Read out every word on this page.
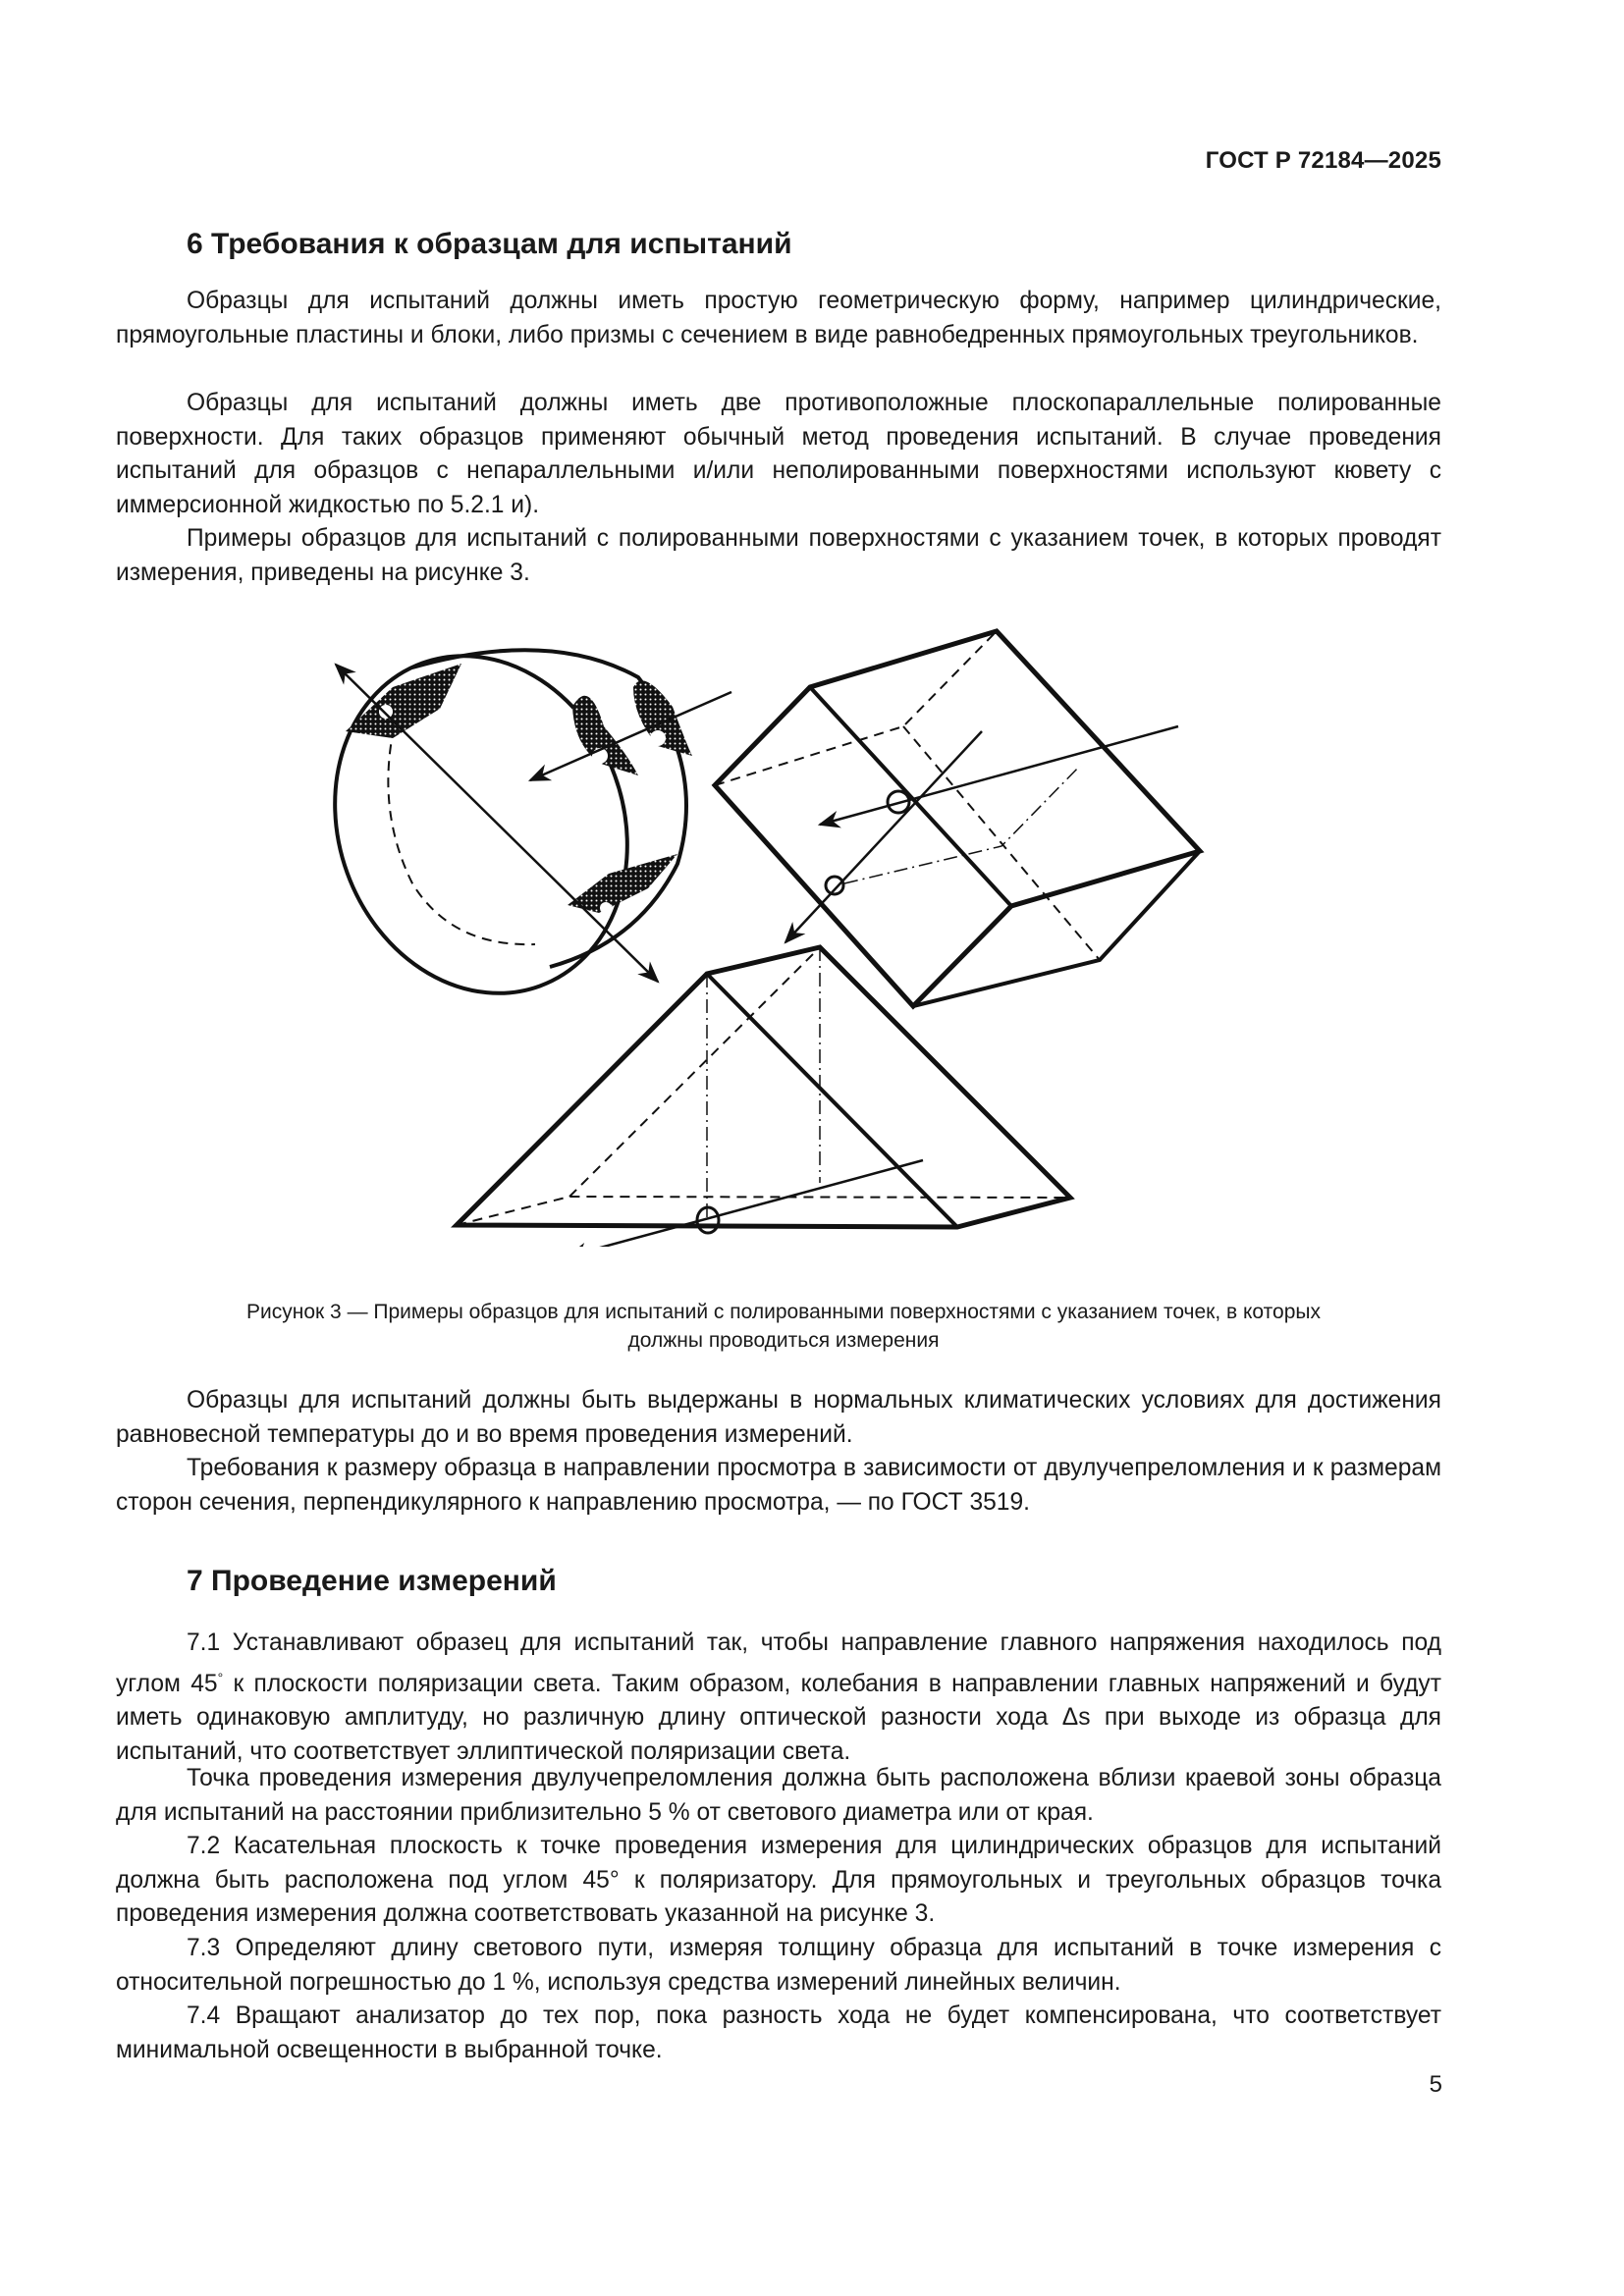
ГОСТ Р 72184—2025
6 Требования к образцам для испытаний
Образцы для испытаний должны иметь простую геометрическую форму, например цилиндрические, прямоугольные пластины и блоки, либо призмы с сечением в виде равнобедренных прямоугольных треугольников.
Образцы для испытаний должны иметь две противоположные плоскопараллельные полированные поверхности. Для таких образцов применяют обычный метод проведения испытаний. В случае проведения испытаний для образцов с непараллельными и/или неполированными поверхностями используют кювету с иммерсионной жидкостью по 5.2.1 и).
Примеры образцов для испытаний с полированными поверхностями с указанием точек, в которых проводят измерения, приведены на рисунке 3.
Рисунок 3 — Примеры образцов для испытаний с полированными поверхностями с указанием точек, в которых
должны проводиться измерения
Образцы для испытаний должны быть выдержаны в нормальных климатических условиях для достижения равновесной температуры до и во время проведения измерений.
Требования к размеру образца в направлении просмотра в зависимости от двулучепреломления и к размерам сторон сечения, перпендикулярного к направлению просмотра, — по ГОСТ 3519.
7 Проведение измерений
7.1 Устанавливают образец для испытаний так, чтобы направление главного напряжения находилось под углом 45° к плоскости поляризации света. Таким образом, колебания в направлении главных напряжений и будут иметь одинаковую амплитуду, но различную длину оптической разности хода Δs при выходе из образца для испытаний, что соответствует эллиптической поляризации света.
Точка проведения измерения двулучепреломления должна быть расположена вблизи краевой зоны образца для испытаний на расстоянии приблизительно 5 % от светового диаметра или от края.
7.2 Касательная плоскость к точке проведения измерения для цилиндрических образцов для испытаний должна быть расположена под углом 45° к поляризатору. Для прямоугольных и треугольных образцов точка проведения измерения должна соответствовать указанной на рисунке 3.
7.3 Определяют длину светового пути, измеряя толщину образца для испытаний в точке измерения с относительной погрешностью до 1 %, используя средства измерений линейных величин.
7.4 Вращают анализатор до тех пор, пока разность хода не будет компенсирована, что соответствует минимальной освещенности в выбранной точке.
5
